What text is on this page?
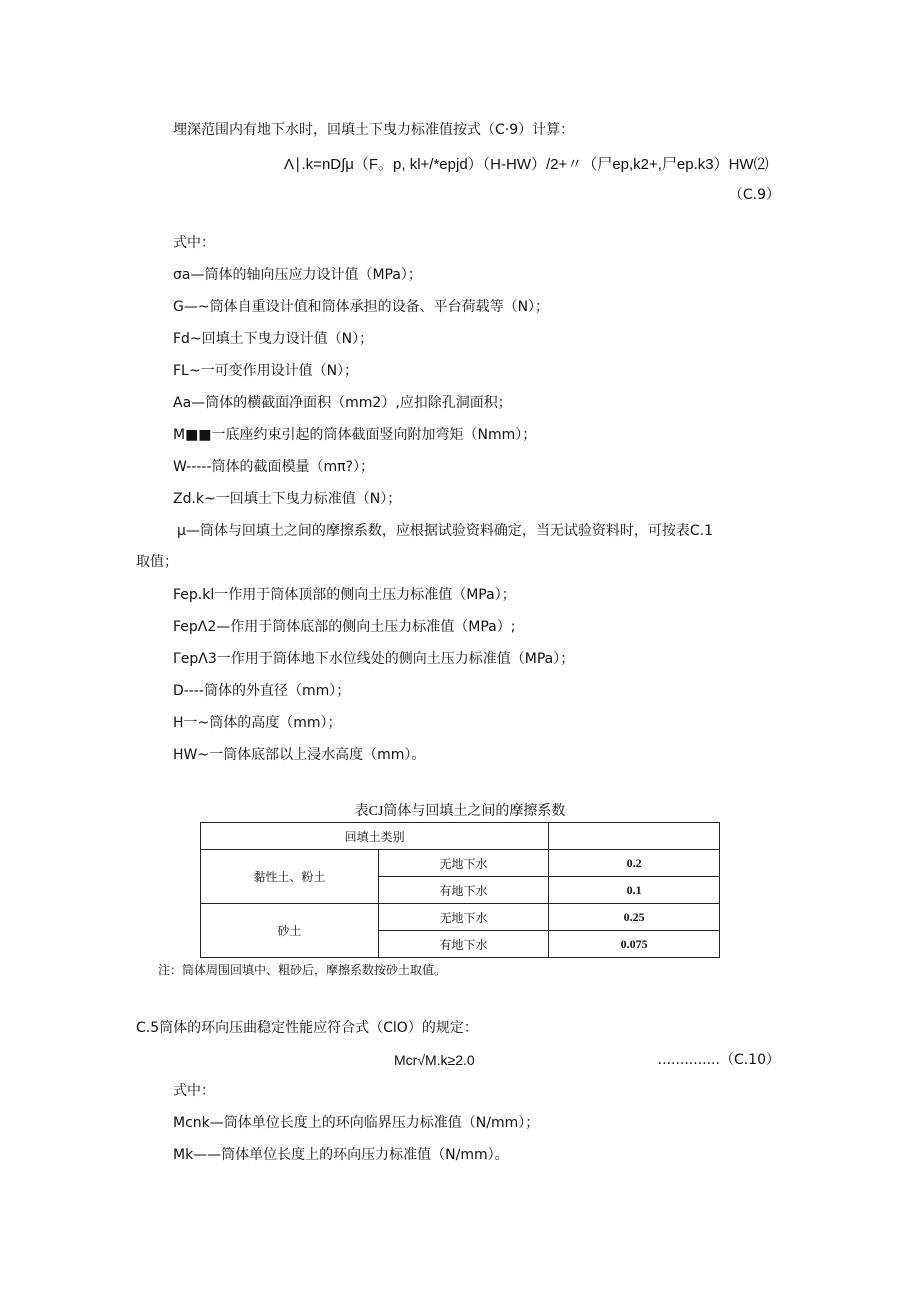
埋深范围内有地下水时，回填土下曳力标准值按式（C·9）计算：
Λ∣.k=nD∫μ（F。p, kl+/*epjd）（H-HW）/2+〃（尸ep,k2+,尸ep.k3）HW⑵
（C.9）
式中：
σa—筒体的轴向压应力设计值（MPa）；
G—~筒体自重设计值和筒体承担的设备、平台荷载等（N）；
Fd~回填土下曳力设计值（N）；
FL~一可变作用设计值（N）；
Aa—筒体的横截面净面积（mm2）,应扣除孔洞面积；
M■■一底座约束引起的筒体截面竖向附加弯矩（Nmm）；
W-----筒体的截面模量（mπ?）；
Zd.k~一回填土下曳力标准值（N）；
μ—筒体与回填土之间的摩擦系数，应根据试验资料确定，当无试验资料时，可按表C.1
取值；
Fep.kl一作用于筒体顶部的侧向土压力标准值（MPa）；
FepΛ2—作用于筒体底部的侧向土压力标准值（MPa）;
ΓepΛ3一作用于筒体地下水位线处的侧向土压力标准值（MPa）；
D----筒体的外直径（mm）；
H一~筒体的高度（mm）；
HW~一筒体底部以上浸水高度（mm）。
表CJ筒体与回填土之间的摩擦系数
回填土类别		
黏性土、粉土	无地下水	0.2
	有地下水	0.1
砂土	无地下水	0.25
	有地下水	0.075
注：筒体周围回填中、粗砂后，摩擦系数按砂土取值。
C.5筒体的环向压曲稳定性能应符合式（ClO）的规定：
Mcr√M.k≥2.0	..............（C.10）
式中：
Mcnk—筒体单位长度上的环向临界压力标准值（N∕mm）；
Mk——筒体单位长度上的环向压力标准值（N∕mm）。
